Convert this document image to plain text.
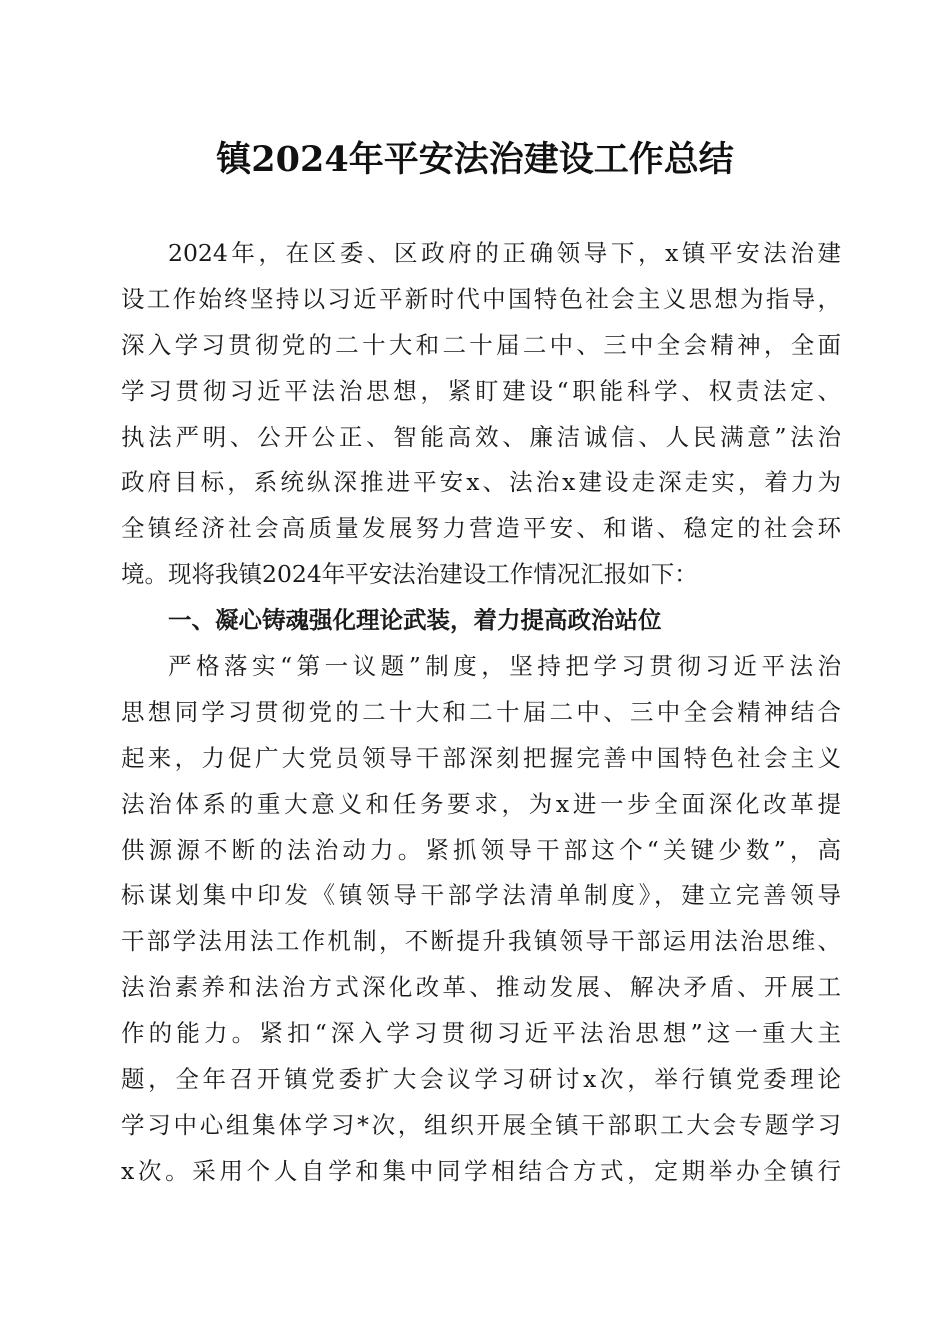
镇2024年平安法治建设工作总结
2024年，在区委、区政府的正确领导下，x镇平安法治建
设工作始终坚持以习近平新时代中国特色社会主义思想为指导，
深入学习贯彻党的二十大和二十届二中、三中全会精神，全面
学习贯彻习近平法治思想，紧盯建设“职能科学、权责法定、
执法严明、公开公正、智能高效、廉洁诚信、人民满意”法治
政府目标，系统纵深推进平安x、法治x建设走深走实，着力为
全镇经济社会高质量发展努力营造平安、和谐、稳定的社会环
境。现将我镇2024年平安法治建设工作情况汇报如下：
一、凝心铸魂强化理论武装，着力提高政治站位
严格落实“第一议题”制度，坚持把学习贯彻习近平法治
思想同学习贯彻党的二十大和二十届二中、三中全会精神结合
起来，力促广大党员领导干部深刻把握完善中国特色社会主义
法治体系的重大意义和任务要求，为x进一步全面深化改革提
供源源不断的法治动力。紧抓领导干部这个“关键少数”，高
标谋划集中印发《镇领导干部学法清单制度》，建立完善领导
干部学法用法工作机制，不断提升我镇领导干部运用法治思维、
法治素养和法治方式深化改革、推动发展、解决矛盾、开展工
作的能力。紧扣“深入学习贯彻习近平法治思想”这一重大主
题，全年召开镇党委扩大会议学习研讨x次，举行镇党委理论
学习中心组集体学习*次，组织开展全镇干部职工大会专题学习
x次。采用个人自学和集中同学相结合方式，定期举办全镇行
